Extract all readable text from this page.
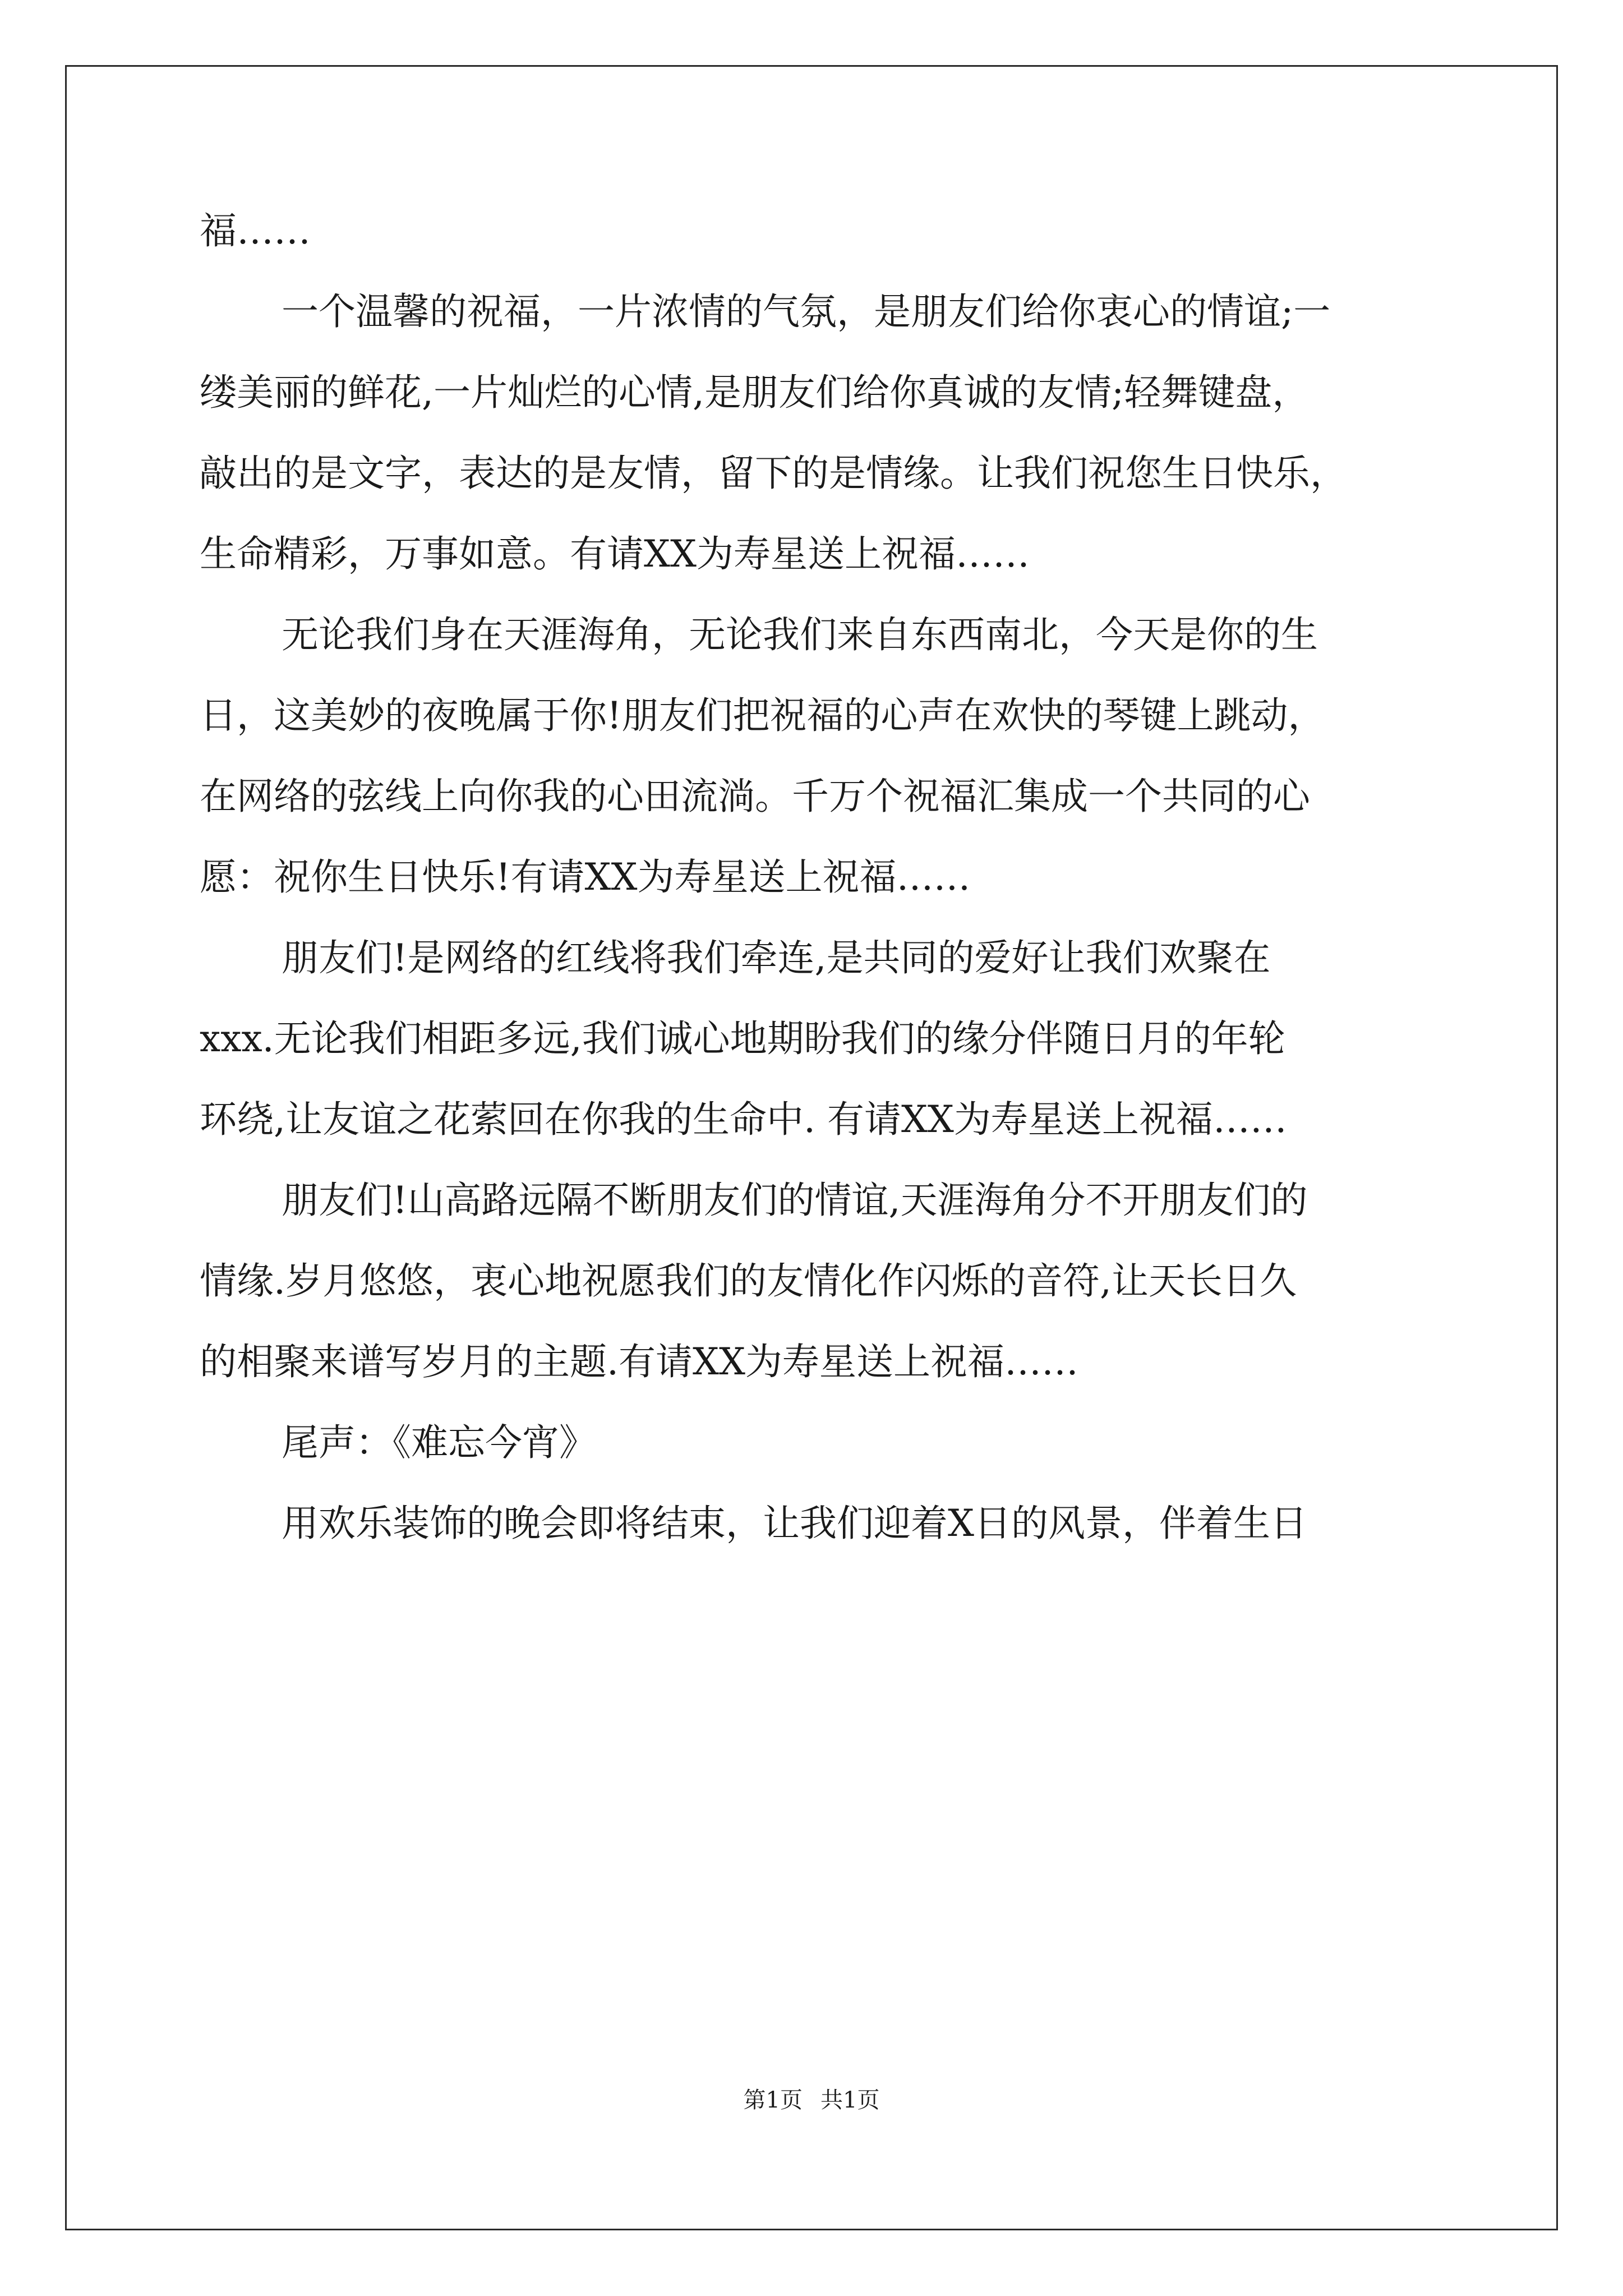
福……
一个温馨的祝福，一片浓情的气氛，是朋友们给你衷心的情谊;一
缕美丽的鲜花,一片灿烂的心情,是朋友们给你真诚的友情;轻舞键盘，
敲出的是文字，表达的是友情，留下的是情缘。让我们祝您生日快乐，
生命精彩，万事如意。有请XX为寿星送上祝福……
无论我们身在天涯海角，无论我们来自东西南北，今天是你的生
日，这美妙的夜晚属于你!朋友们把祝福的心声在欢快的琴键上跳动，
在网络的弦线上向你我的心田流淌。千万个祝福汇集成一个共同的心
愿：祝你生日快乐!有请XX为寿星送上祝福……
朋友们!是网络的红线将我们牵连,是共同的爱好让我们欢聚在
xxx.无论我们相距多远,我们诚心地期盼我们的缘分伴随日月的年轮
环绕,让友谊之花萦回在你我的生命中. 有请XX为寿星送上祝福……
朋友们!山高路远隔不断朋友们的情谊,天涯海角分不开朋友们的
情缘.岁月悠悠，衷心地祝愿我们的友情化作闪烁的音符,让天长日久
的相聚来谱写岁月的主题.有请XX为寿星送上祝福……
尾声：《难忘今宵》
用欢乐装饰的晚会即将结束，让我们迎着X日的风景，伴着生日
第1页 共1页
